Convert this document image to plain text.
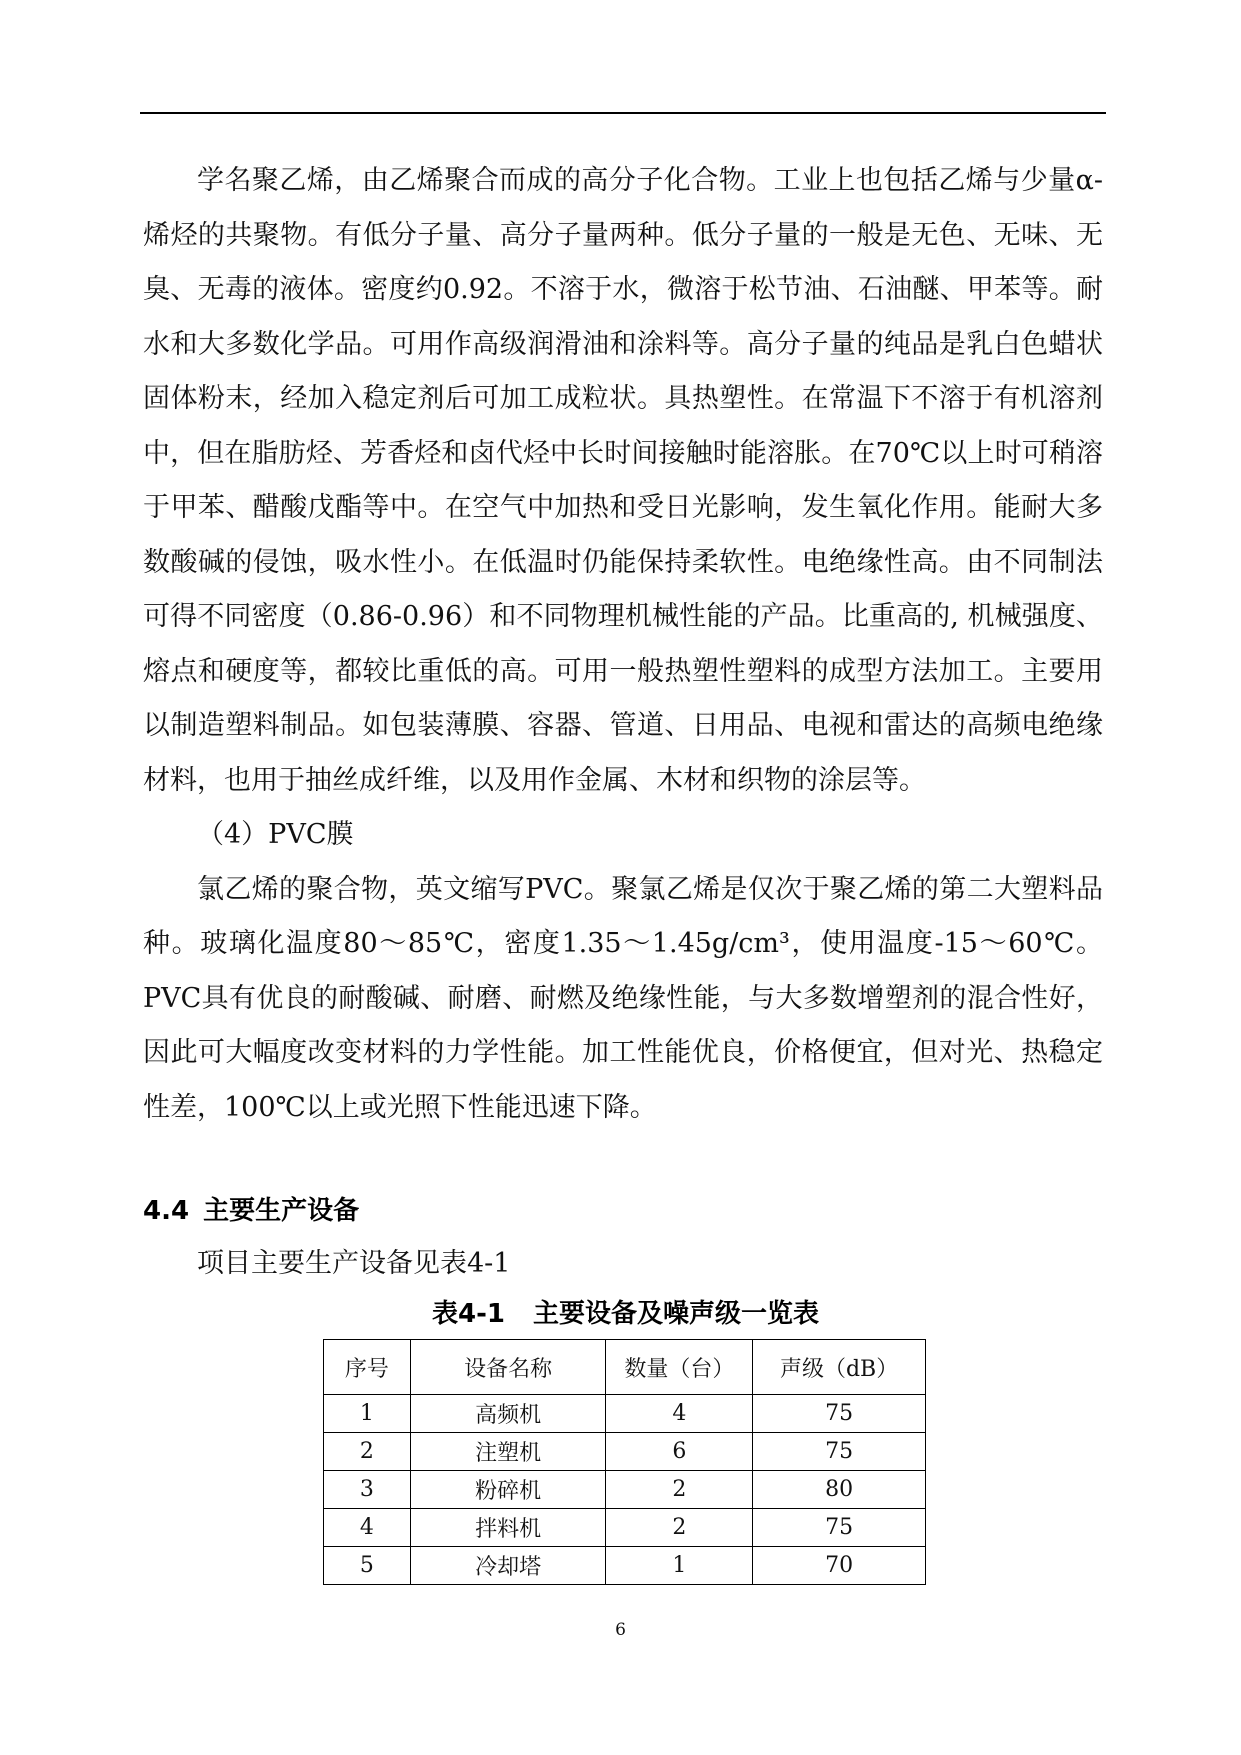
学名聚乙烯，由乙烯聚合而成的高分子化合物。工业上也包括乙烯与少量α-烯烃的共聚物。有低分子量、高分子量两种。低分子量的一般是无色、无味、无臭、无毒的液体。密度约0.92。不溶于水，微溶于松节油、石油醚、甲苯等。耐水和大多数化学品。可用作高级润滑油和涂料等。高分子量的纯品是乳白色蜡状固体粉末，经加入稳定剂后可加工成粒状。具热塑性。在常温下不溶于有机溶剂中，但在脂肪烃、芳香烃和卤代烃中长时间接触时能溶胀。在70℃以上时可稍溶于甲苯、醋酸戊酯等中。在空气中加热和受日光影响，发生氧化作用。能耐大多数酸碱的侵蚀，吸水性小。在低温时仍能保持柔软性。电绝缘性高。由不同制法可得不同密度（0.86-0.96）和不同物理机械性能的产品。比重高的, 机械强度、熔点和硬度等，都较比重低的高。可用一般热塑性塑料的成型方法加工。主要用以制造塑料制品。如包装薄膜、容器、管道、日用品、电视和雷达的高频电绝缘材料，也用于抽丝成纤维，以及用作金属、木材和织物的涂层等。

（4）PVC膜

氯乙烯的聚合物，英文缩写PVC。聚氯乙烯是仅次于聚乙烯的第二大塑料品种。玻璃化温度80～85℃，密度1.35～1.45g/cm³，使用温度-15～60℃。PVC具有优良的耐酸碱、耐磨、耐燃及绝缘性能，与大多数增塑剂的混合性好，因此可大幅度改变材料的力学性能。加工性能优良，价格便宜，但对光、热稳定性差，100℃以上或光照下性能迅速下降。

4.4 主要生产设备
项目主要生产设备见表4-1
表4-1 主要设备及噪声级一览表
序号	设备名称	数量（台）	声级（dB）
1	高频机	4	75
2	注塑机	6	75
3	粉碎机	2	80
4	拌料机	2	75
5	冷却塔	1	70
6
